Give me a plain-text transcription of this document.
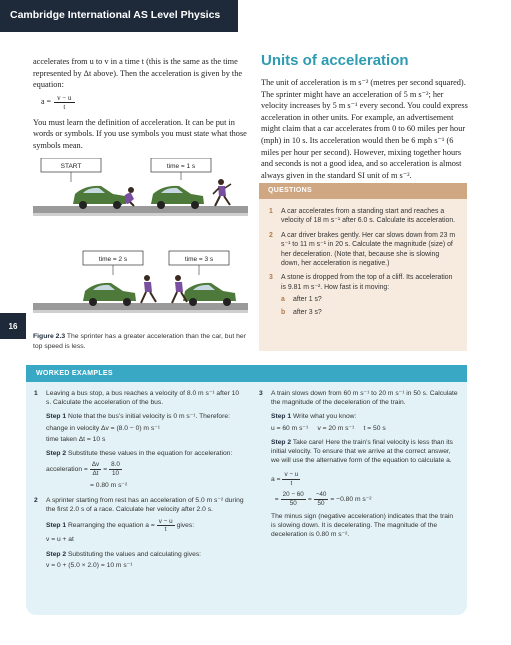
Cambridge International AS Level Physics
16

accelerates from u to v in a time t (this is the same as the time represented by Δt above). Then the acceleration is given by the equation:

$a = \frac{v - u}{t}$

You must learn the definition of acceleration. It can be put in words or symbols. If you use symbols you must state what those symbols mean.

START	time = 1 s
time = 2 s	time = 3 s
Figure 2.3 The sprinter has a greater acceleration than the car, but her top speed is less.
Units of acceleration

The unit of acceleration is m s⁻² (metres per second squared). The sprinter might have an acceleration of 5 m s⁻²; her velocity increases by 5 m s⁻¹ every second. You could express acceleration in other units. For example, an advertisement might claim that a car accelerates from 0 to 60 miles per hour (mph) in 10 s. Its acceleration would then be 6 mph s⁻¹ (6 miles per hour per second). However, mixing together hours and seconds is not a good idea, and so acceleration is almost always given in the standard SI unit of m s⁻².

QUESTIONS
1	A car accelerates from a standing start and reaches a velocity of 18 m s⁻¹ after 6.0 s. Calculate its acceleration.
2	A car driver brakes gently. Her car slows down from 23 m s⁻¹ to 11 m s⁻¹ in 20 s. Calculate the magnitude (size) of her deceleration. (Note that, because she is slowing down, her acceleration is negative.)
3	A stone is dropped from the top of a cliff. Its acceleration is 9.81 m s⁻². How fast is it moving:
a	after 1 s?
b	after 3 s?
WORKED EXAMPLES
1	Leaving a bus stop, a bus reaches a velocity of 8.0 m s⁻¹ after 10 s. Calculate the acceleration of the bus.
Step 1 Note that the bus’s initial velocity is 0 m s⁻¹. Therefore:
change in velocity Δv = (8.0 − 0) m s⁻¹
time taken Δt = 10 s
Step 2 Substitute these values in the equation for acceleration:
acceleration = $\frac{\Delta v}{\Delta t} = \frac{8.0}{10}$
= 0.80 m s⁻²
2	A sprinter starting from rest has an acceleration of 5.0 m s⁻² during the first 2.0 s of a race. Calculate her velocity after 2.0 s.
Step 1
Rearranging the equation $a = \frac{v - u}{t}$ gives:
v = u + at
Step 2 Substituting the values and calculating gives:
v = 0 + (5.0 × 2.0) = 10 m s⁻¹
3	A train slows down from 60 m s⁻¹ to 20 m s⁻¹ in 50 s. Calculate the magnitude of the deceleration of the train.
Step 1 Write what you know:
u = 60 m s⁻¹     v = 20 m s⁻¹     t = 50 s
Step 2 Take care! Here the train’s final velocity is less than its initial velocity. To ensure that we arrive at the correct answer, we will use the alternative form of the equation to calculate a.
$a = \frac{v - u}{t}$
= $\frac{20 - 60}{50} = \frac{-40}{50} = -0.80$ m s⁻²
The minus sign (negative acceleration) indicates that the train is slowing down. It is decelerating. The magnitude of the deceleration is 0.80 m s⁻².
